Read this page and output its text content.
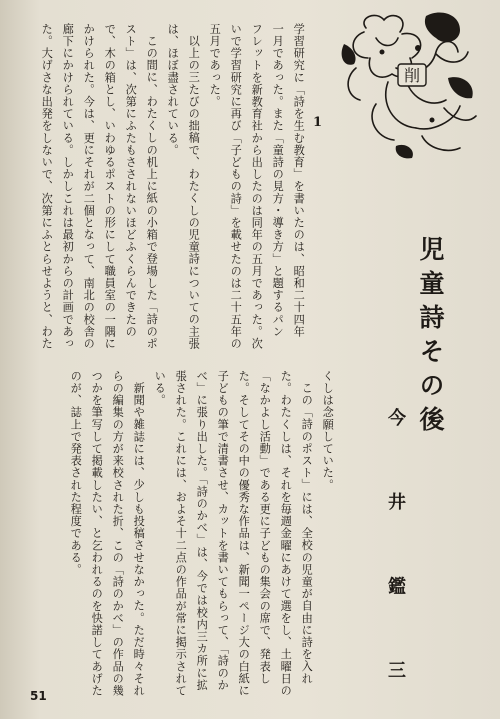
削
1
児童詩その後
今 井 鑑 三
学習研究に「詩を生む教育」を書いたのは、昭和二十四年
一月であった。また「童詩の見方・導き方」と題するパン
フレットを新教育社から出したのは同年の五月であった。次
いで学習研究に再び「子どもの詩」を載せたのは二十五年の
五月であった。
以上の三たびの拙稿で、わたくしの児童詩についての主張
は、ほぼ盡されている。
この間に、わたくしの机上に紙の小箱で登場した「詩のポ
スト」は、次第にふたもさされないほどふくらんできたの
で、木の箱とし、いわゆるポストの形にして職員室の一隅に
かけられた。今は、更にそれが二個となって、南北の校舎の
廊下にかけられている。しかしこれは最初からの計画であっ
た。大げさな出発をしないで、次第にふとらせようと、わた
くしは念願していた。
この「詩のポスト」には、全校の児童が自由に詩を入れ
た。わたくしは、それを毎週金曜にあけて選をし、土曜日の
「なかよし活動」である更に子どもの集会の席で、発表し
た。そしてその中の優秀な作品は、新聞一ページ大の白紙に
子どもの筆で清書させ、カットを書いてもらって、「詩のか
べ」に張り出した。「詩のかべ」は、今では校内三カ所に拡
張された。これには、およそ十二点の作品が常に掲示されて
いる。
新聞や雑誌には、少しも投稿させなかった。ただ時々それ
らの編集の方が来校された折、この「詩のかべ」の作品の幾
つかを筆写して掲載したい、と乞われるのを快諾してあげた
のが、誌上で発表された程度である。
51
